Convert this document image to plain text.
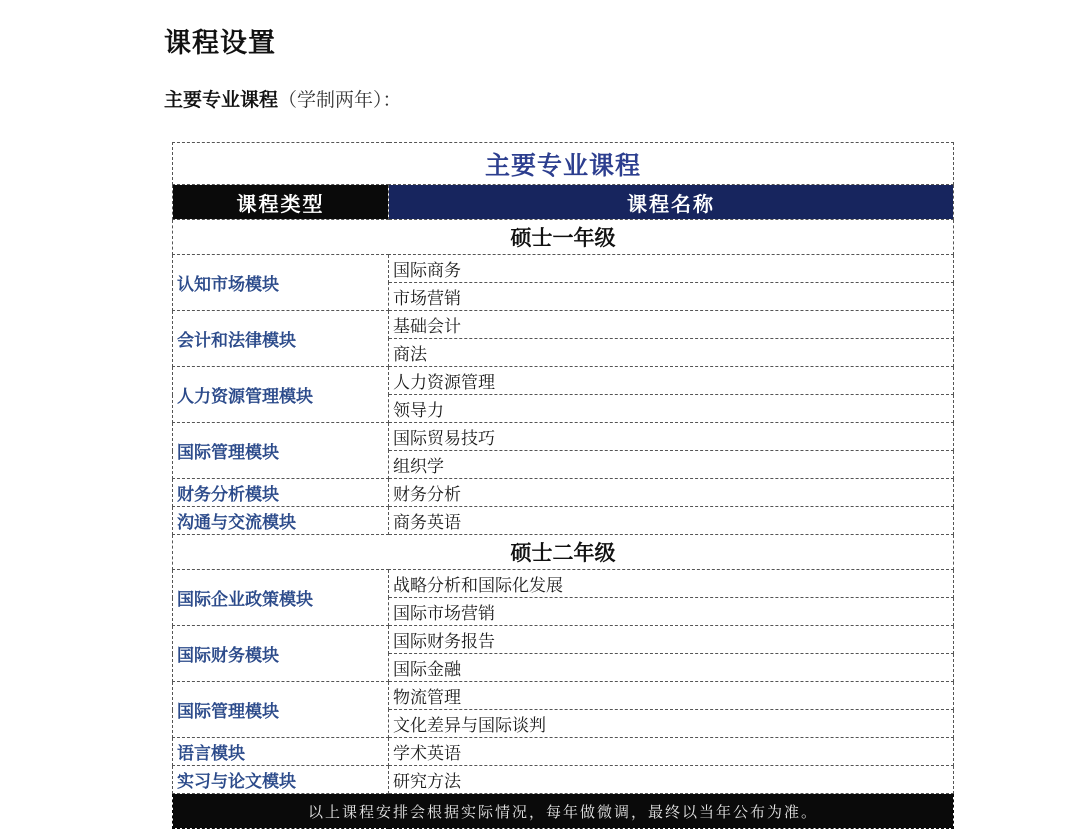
课程设置
主要专业课程（学制两年）：
主要专业课程	
课程类型	课程名称
硕士一年级	
认知市场模块	国际商务
	市场营销
会计和法律模块	基础会计
	商法
人力资源管理模块	人力资源管理
	领导力
国际管理模块	国际贸易技巧
	组织学
财务分析模块	财务分析
沟通与交流模块	商务英语
硕士二年级	
国际企业政策模块	战略分析和国际化发展
	国际市场营销
国际财务模块	国际财务报告
	国际金融
国际管理模块	物流管理
	文化差异与国际谈判
语言模块	学术英语
实习与论文模块	研究方法
以上课程安排会根据实际情况，每年做微调，最终以当年公布为准。	
